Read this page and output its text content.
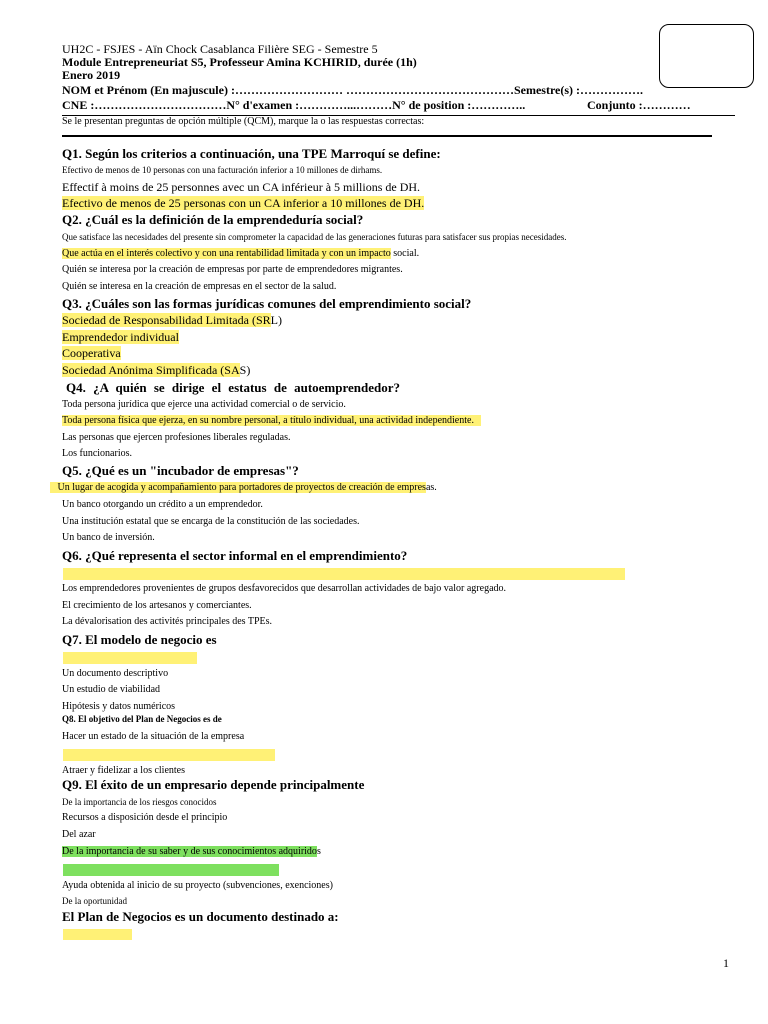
UH2C - FSJES - Aïn Chock Casablanca Filière SEG - Semestre 5
Module Entrepreneuriat S5, Professeur Amina KCHIRID, durée (1h)
Enero 2019
NOM et Prénom (En majuscule) :……………………… ……………………………………Semestre(s) :…………….
CNE :……………………………N° d'examen :…………...………N° de position :…………..	Conjunto :…………
Se le presentan preguntas de opción múltiple (QCM), marque la o las respuestas correctas:
Q1. Según los criterios a continuación, una TPE Marroquí se define:
Efectivo de menos de 10 personas con una facturación inferior a 10 millones de dirhams.
Effectif à moins de 25 personnes avec un CA inférieur à 5 millions de DH.
Efectivo de menos de 25 personas con un CA inferior a 10 millones de DH.
Q2. ¿Cuál es la definición de la emprendeduría social?
Que satisface las necesidades del presente sin comprometer la capacidad de las generaciones futuras para satisfacer sus propias necesidades.
Que actúa en el interés colectivo y con una rentabilidad limitada y con un impacto social.
Quién se interesa por la creación de empresas por parte de emprendedores migrantes.
Quién se interesa en la creación de empresas en el sector de la salud.
Q3. ¿Cuáles son las formas jurídicas comunes del emprendimiento social?
Sociedad de Responsabilidad Limitada (SRL)
Emprendedor individual
Cooperativa
Sociedad Anónima Simplificada (SAS)
Q4. ¿A quién se dirige el estatus de autoemprendedor?
Toda persona jurídica que ejerce una actividad comercial o de servicio.
Toda persona física que ejerza, en su nombre personal, a título individual, una actividad independiente.
Las personas que ejercen profesiones liberales reguladas.
Los funcionarios.
Q5. ¿Qué es un "incubador de empresas"?
Un lugar de acogida y acompañamiento para portadores de proyectos de creación de empresas.
Un banco otorgando un crédito a un emprendedor.
Una institución estatal que se encarga de la constitución de las sociedades.
Un banco de inversión.
Q6. ¿Qué representa el sector informal en el emprendimiento?
Los emprendedores provenientes de grupos desfavorecidos que desarrollan actividades de bajo valor agregado.
El crecimiento de los artesanos y comerciantes.
La dévalorisation des activités principales des TPEs.
Q7. El modelo de negocio es
Un documento descriptivo
Un estudio de viabilidad
Hipótesis y datos numéricos
Q8. El objetivo del Plan de Negocios es de
Hacer un estado de la situación de la empresa
Atraer y fidelizar a los clientes
Q9. El éxito de un empresario depende principalmente
De la importancia de los riesgos conocidos
Recursos a disposición desde el principio
Del azar
De la importancia de su saber y de sus conocimientos adquiridos
Ayuda obtenida al inicio de su proyecto (subvenciones, exenciones)
De la oportunidad
El Plan de Negocios es un documento destinado a:
1
